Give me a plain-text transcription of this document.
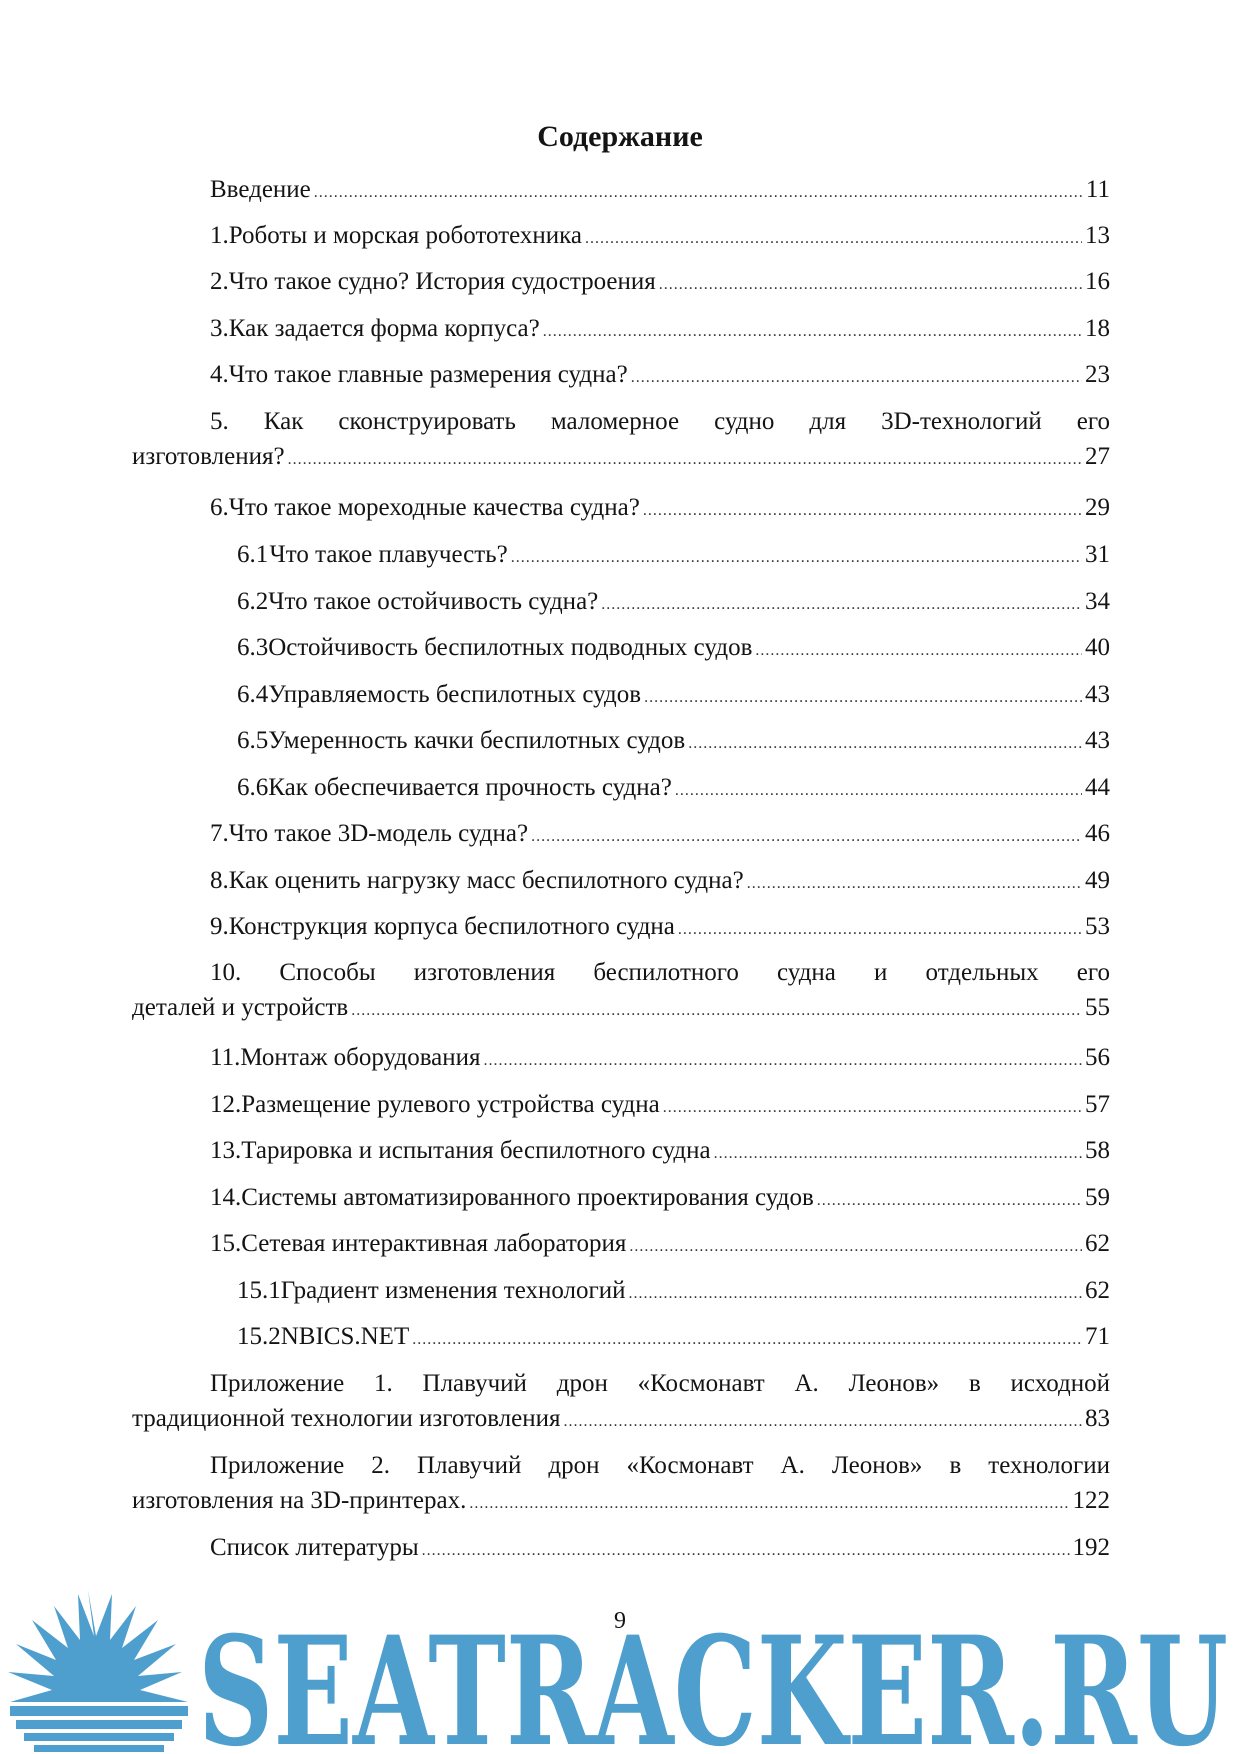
Содержание
Введение .....	11
1. Роботы и морская робототехника .....	13
2. Что такое судно? История судостроения .....	16
3. Как задается форма корпуса? .....	18
4. Что такое главные размерения судна? .....	23
5. Как сконструировать маломерное судно для 3D-технологий его
изготовления? .....	27
6. Что такое мореходные качества судна? .....	29
6.1 Что такое плавучесть? .....	31
6.2 Что такое остойчивость судна? .....	34
6.3 Остойчивость беспилотных подводных судов .....	40
6.4 Управляемость беспилотных судов .....	43
6.5 Умеренность качки беспилотных судов .....	43
6.6 Как обеспечивается прочность судна? .....	44
7. Что такое 3D-модель судна? .....	46
8. Как оценить нагрузку масс беспилотного судна? .....	49
9. Конструкция корпуса беспилотного судна .....	53
10. Способы изготовления беспилотного судна и отдельных его
деталей и устройств .....	55
11. Монтаж оборудования .....	56
12. Размещение рулевого устройства судна .....	57
13. Тарировка и испытания беспилотного судна .....	58
14. Системы автоматизированного проектирования судов .....	59
15. Сетевая интерактивная лаборатория .....	62
15.1 Градиент изменения технологий .....	62
15.2 NBICS.NET .....	71
Приложение 1. Плавучий дрон «Космонавт А. Леонов» в исходной
традиционной технологии изготовления .....	83
Приложение 2. Плавучий дрон «Космонавт А. Леонов» в технологии
изготовления на 3D-принтерах. .....	122
Список литературы .....	192
SEATRACKER.RU
9
